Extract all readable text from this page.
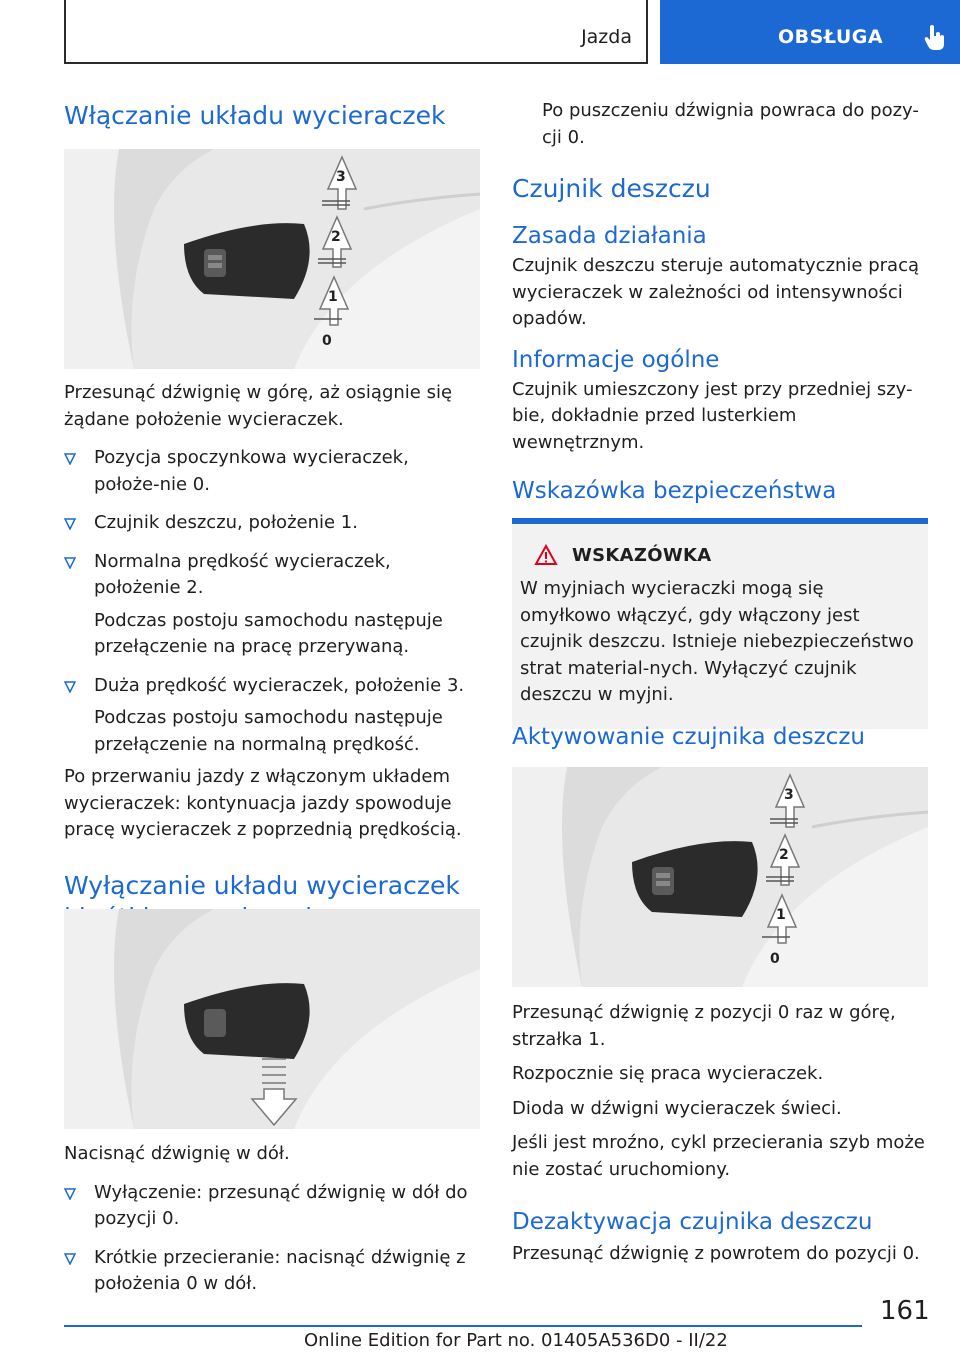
Jazda	OBSŁUGA
Włączanie układu wycieraczek
3
2
1
0

Przesunąć dźwignię w górę, aż osiągnie się żądane położenie wycieraczek.

Pozycja spoczynkowa wycieraczek, położe-nie 0.
Czujnik deszczu, położenie 1.
Normalna prędkość wycieraczek, położenie 2.
Podczas postoju samochodu następuje przełączenie na pracę przerywaną.
Duża prędkość wycieraczek, położenie 3.
Podczas postoju samochodu następuje przełączenie na normalną prędkość.

Po przerwaniu jazdy z włączonym układem wycieraczek: kontynuacja jazdy spowoduje pracę wycieraczek z poprzednią prędkością.

Wyłączanie układu wycieraczek

Nacisnąć dźwignię w dół.

Wyłączenie: przesunąć dźwignię w dół do pozycji 0.
Krótkie przecieranie: nacisnąć dźwignię z położenia 0 w dół.

Po puszczeniu dźwignia powraca do pozy-cji 0.

Czujnik deszczu
Zasada działania

Czujnik deszczu steruje automatycznie pracą wycieraczek w zależności od intensywności opadów.

Informacje ogólne

Czujnik umieszczony jest przy przedniej szy-bie, dokładnie przed lusterkiem wewnętrznym.

Wskazówka bezpieczeństwa
WSKAZÓWKA

W myjniach wycieraczki mogą się omyłkowo włączyć, gdy włączony jest czujnik deszczu. Istnieje niebezpieczeństwo strat material-nych. Wyłączyć czujnik deszczu w myjni.

Aktywowanie czujnika deszczu
3
2
1
0

Przesunąć dźwignię z pozycji 0 raz w górę, strzałka 1.

Rozpocznie się praca wycieraczek.

Dioda w dźwigni wycieraczek świeci.

Jeśli jest mroźno, cykl przecierania szyb może nie zostać uruchomiony.

Dezaktywacja czujnika deszczu

Przesunąć dźwignię z powrotem do pozycji 0.

161
Online Edition for Part no. 01405A536D0 - II/22
